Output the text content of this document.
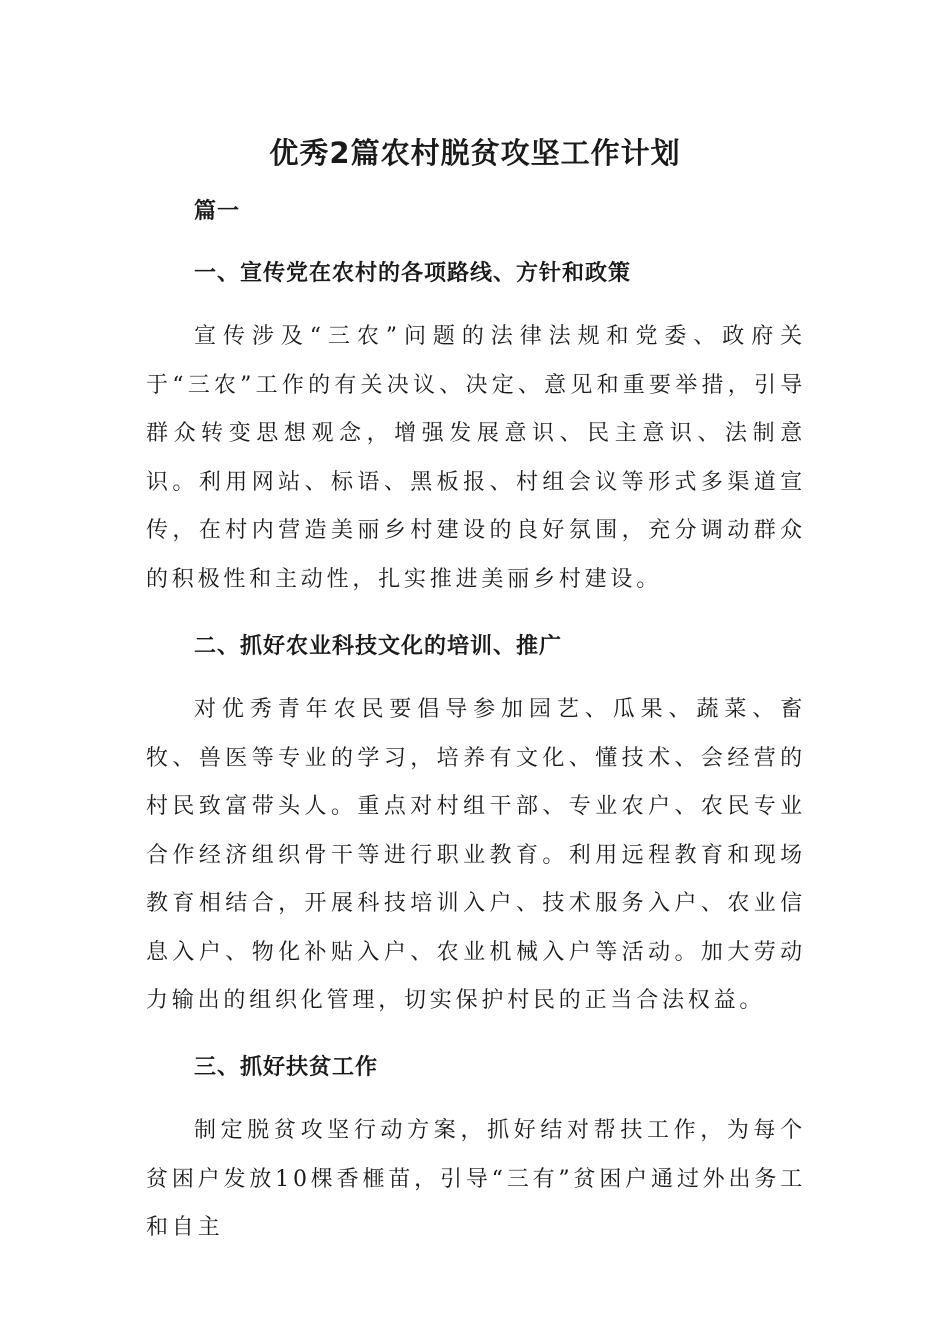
优秀2篇农村脱贫攻坚工作计划
篇一
一、宣传党在农村的各项路线、方针和政策

宣传涉及“三农”问题的法律法规和党委、政府关于“三农”工作的有关决议、决定、意见和重要举措，引导群众转变思想观念，增强发展意识、民主意识、法制意识。利用网站、标语、黑板报、村组会议等形式多渠道宣传，在村内营造美丽乡村建设的良好氛围，充分调动群众的积极性和主动性，扎实推进美丽乡村建设。

二、抓好农业科技文化的培训、推广

对优秀青年农民要倡导参加园艺、瓜果、蔬菜、畜牧、兽医等专业的学习，培养有文化、懂技术、会经营的村民致富带头人。重点对村组干部、专业农户、农民专业合作经济组织骨干等进行职业教育。利用远程教育和现场教育相结合，开展科技培训入户、技术服务入户、农业信息入户、物化补贴入户、农业机械入户等活动。加大劳动力输出的组织化管理，切实保护村民的正当合法权益。

三、抓好扶贫工作

制定脱贫攻坚行动方案，抓好结对帮扶工作，为每个贫困户发放10棵香榧苗，引导“三有”贫困户通过外出务工和自主
